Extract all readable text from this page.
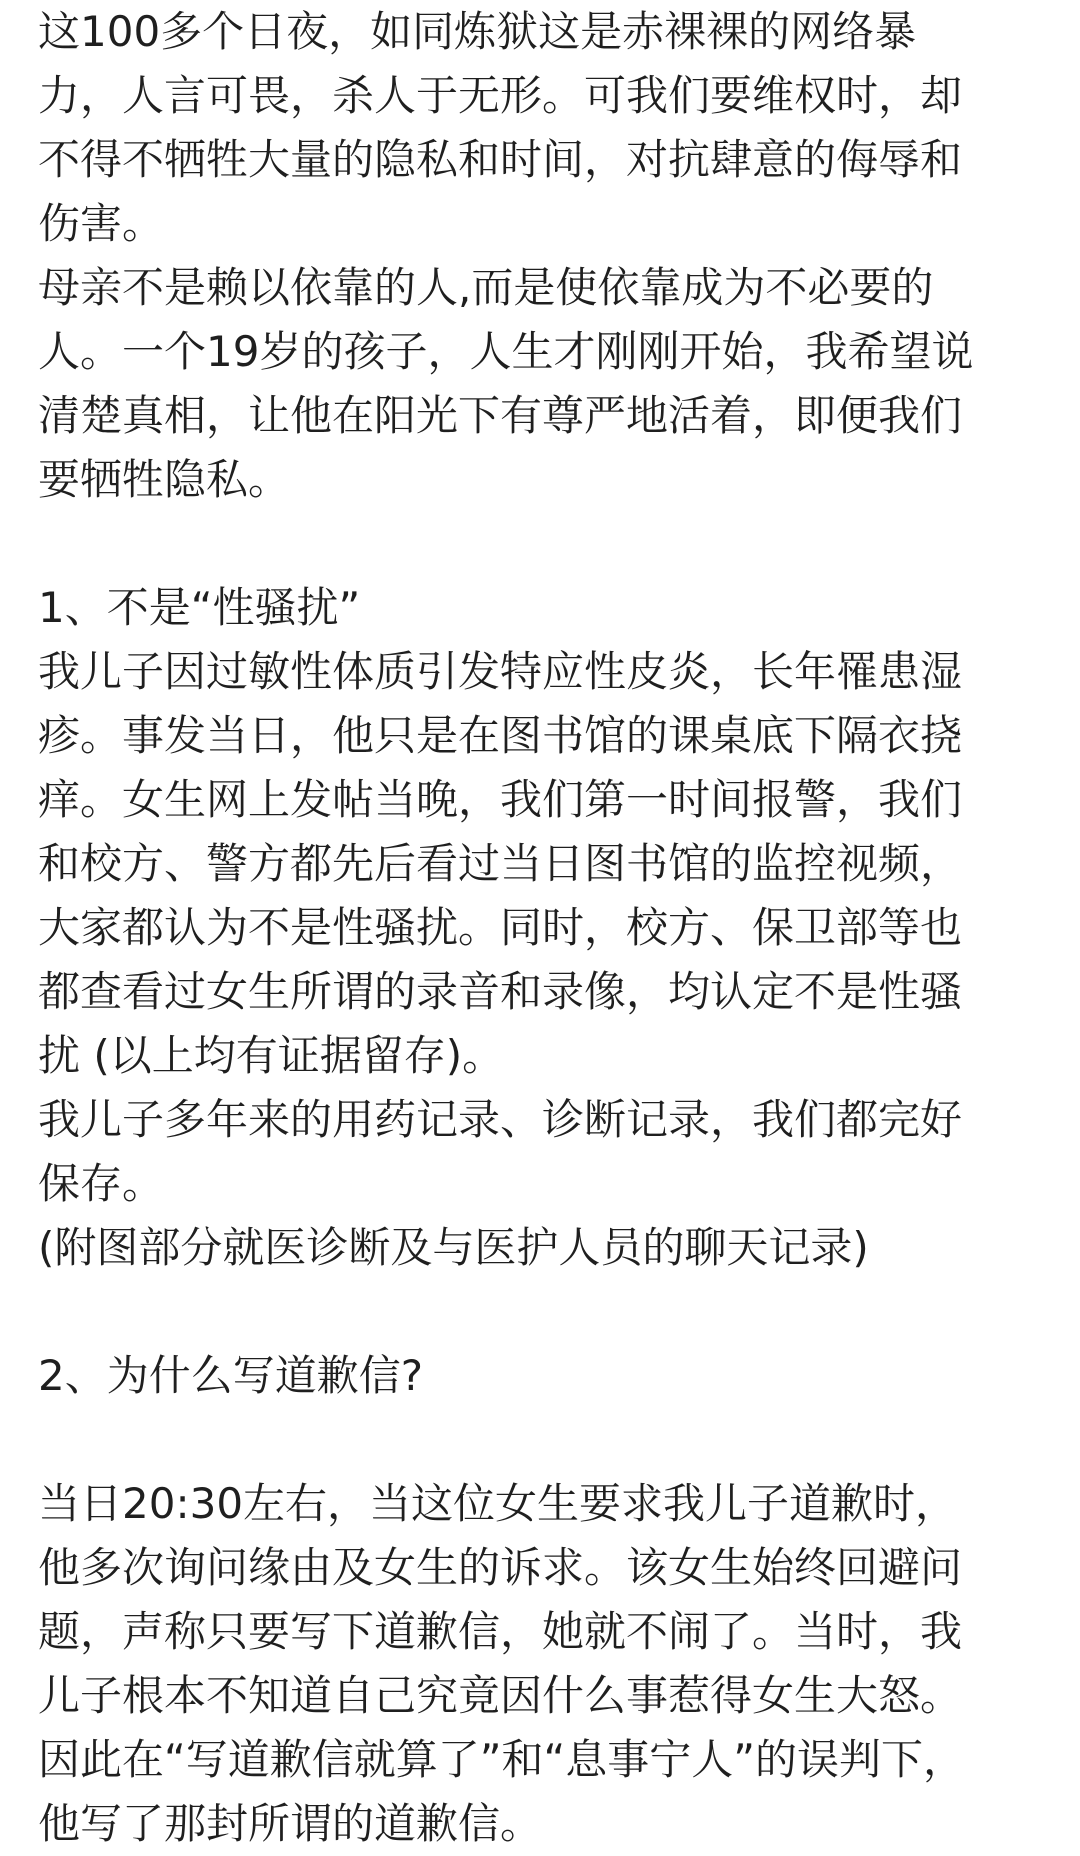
这100多个日夜，如同炼狱这是赤裸裸的网络暴
力，人言可畏，杀人于无形。可我们要维权时，却
不得不牺牲大量的隐私和时间，对抗肆意的侮辱和
伤害。
母亲不是赖以依靠的人,而是使依靠成为不必要的
人。一个19岁的孩子，人生才刚刚开始，我希望说
清楚真相，让他在阳光下有尊严地活着，即便我们
要牺牲隐私。
1、不是“性骚扰”
我儿子因过敏性体质引发特应性皮炎，长年罹患湿
疹。事发当日，他只是在图书馆的课桌底下隔衣挠
痒。女生网上发帖当晚，我们第一时间报警，我们
和校方、警方都先后看过当日图书馆的监控视频，
大家都认为不是性骚扰。同时，校方、保卫部等也
都查看过女生所谓的录音和录像，均认定不是性骚
扰 (以上均有证据留存)。
我儿子多年来的用药记录、诊断记录，我们都完好
保存。
(附图部分就医诊断及与医护人员的聊天记录)
2、为什么写道歉信?
当日20:30左右，当这位女生要求我儿子道歉时，
他多次询问缘由及女生的诉求。该女生始终回避问
题，声称只要写下道歉信，她就不闹了。当时，我
儿子根本不知道自己究竟因什么事惹得女生大怒。
因此在“写道歉信就算了”和“息事宁人”的误判下，
他写了那封所谓的道歉信。
